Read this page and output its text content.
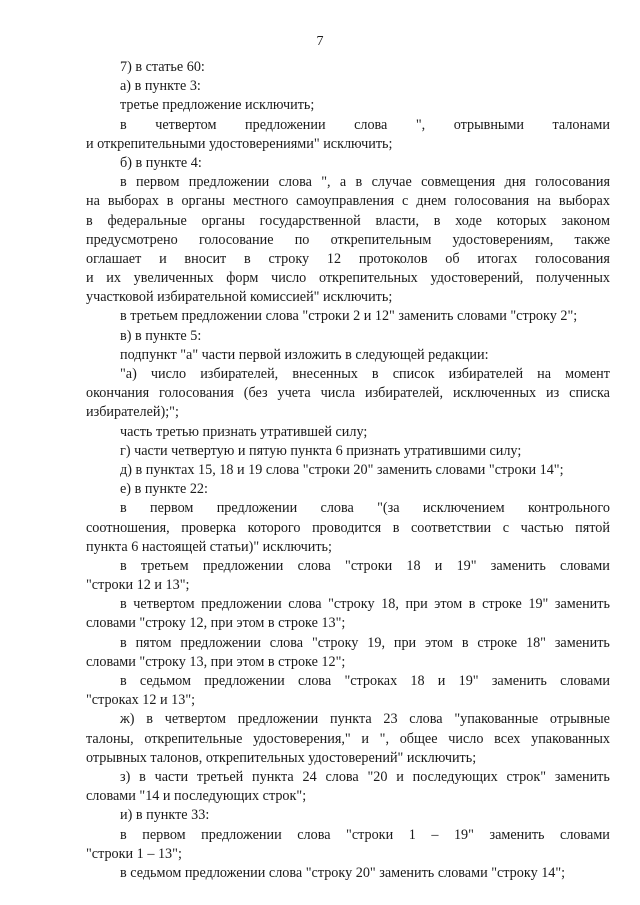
7
7) в статье 60:
а) в пункте 3:
третье предложение исключить;
в четвертом предложении слова ", отрывными талонами
и открепительными удостоверениями" исключить;
б) в пункте 4:
в первом предложении слова ", а в случае совмещения дня голосования
на выборах в органы местного самоуправления с днем голосования на выборах
в федеральные органы государственной власти, в ходе которых законом
предусмотрено голосование по открепительным удостоверениям, также
оглашает и вносит в строку 12 протоколов об итогах голосования
и их увеличенных форм число открепительных удостоверений, полученных
участковой избирательной комиссией" исключить;
в третьем предложении слова "строки 2 и 12" заменить словами "строку 2";
в) в пункте 5:
подпункт "а" части первой изложить в следующей редакции:
"а) число избирателей, внесенных в список избирателей на момент
окончания голосования (без учета числа избирателей, исключенных из списка
избирателей);";
часть третью признать утратившей силу;
г) части четвертую и пятую пункта 6 признать утратившими силу;
д) в пунктах 15, 18 и 19 слова "строки 20" заменить словами "строки 14";
е) в пункте 22:
в первом предложении слова "(за исключением контрольного
соотношения, проверка которого проводится в соответствии с частью пятой
пункта 6 настоящей статьи)" исключить;
в третьем предложении слова "строки 18 и 19" заменить словами
"строки 12 и 13";
в четвертом предложении слова "строку 18, при этом в строке 19" заменить
словами "строку 12, при этом в строке 13";
в пятом предложении слова "строку 19, при этом в строке 18" заменить
словами "строку 13, при этом в строке 12";
в седьмом предложении слова "строках 18 и 19" заменить словами
"строках 12 и 13";
ж) в четвертом предложении пункта 23 слова "упакованные отрывные
талоны, открепительные удостоверения," и ", общее число всех упакованных
отрывных талонов, открепительных удостоверений" исключить;
з) в части третьей пункта 24 слова "20 и последующих строк" заменить
словами "14 и последующих строк";
и) в пункте 33:
в первом предложении слова "строки 1 – 19" заменить словами
"строки 1 – 13";
в седьмом предложении слова "строку 20" заменить словами "строку 14";
